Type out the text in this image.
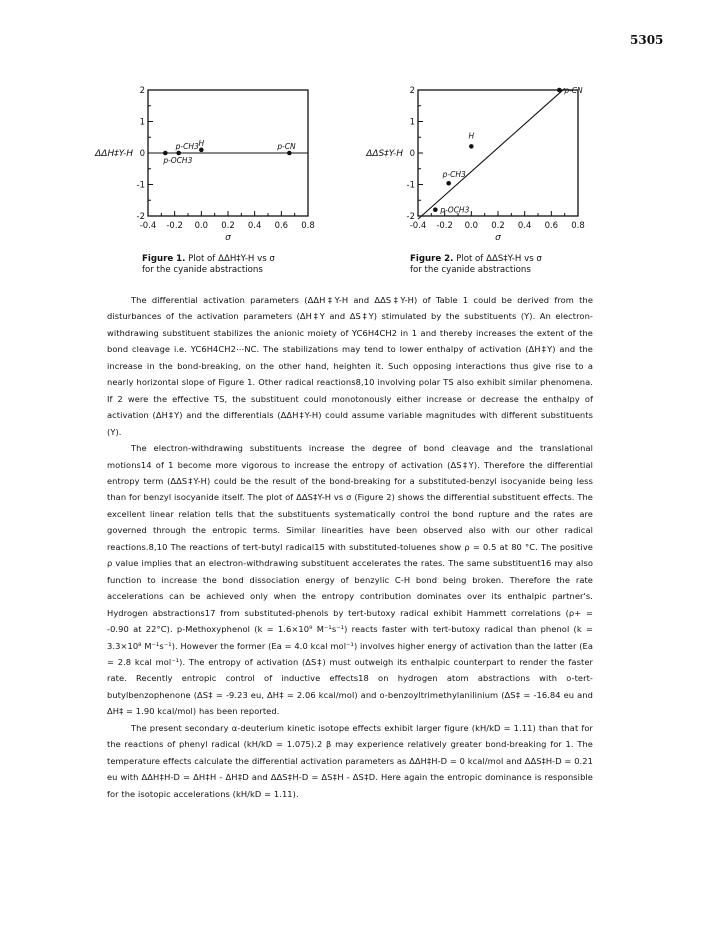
5305
-0.4 -0.2 0.0 0.2 0.4 0.6 0.8
2
1
0
-1
-2
σ
ΔΔH‡Y-H
p-OCH3
p-CH3 H	p-CN
Figure 1. Plot of ΔΔH‡Y-H vs σ
for the cyanide abstractions
-0.4 -0.2 0.0 0.2 0.4 0.6 0.8
2
1
0
-1
-2
σ
ΔΔS‡Y-H
p-OCH3
p-CH3
H
p-CN
Figure 2. Plot of ΔΔS‡Y-H vs σ
for the cyanide abstractions

The differential activation parameters (ΔΔH‡Y-H and ΔΔS‡Y-H) of Table 1 could be derived from the disturbances of the activation parameters (ΔH‡Y and ΔS‡Y) stimulated by the substituents (Y). An electron-withdrawing substituent stabilizes the anionic moiety of YC6H4CH2 in 1 and thereby increases the extent of the bond cleavage i.e. YC6H4CH2⋯NC. The stabilizations may tend to lower enthalpy of activation (ΔH‡Y) and the increase in the bond-breaking, on the other hand, heighten it. Such opposing interactions thus give rise to a nearly horizontal slope of Figure 1. Other radical reactions8,10 involving polar TS also exhibit similar phenomena. If 2 were the effective TS, the substituent could monotonously either increase or decrease the enthalpy of activation (ΔH‡Y) and the differentials (ΔΔH‡Y-H) could assume variable magnitudes with different substituents (Y).

The electron-withdrawing substituents increase the degree of bond cleavage and the translational motions14 of 1 become more vigorous to increase the entropy of activation (ΔS‡Y). Therefore the differential entropy term (ΔΔS‡Y-H) could be the result of the bond-breaking for a substituted-benzyl isocyanide being less than for benzyl isocyanide itself. The plot of ΔΔS‡Y-H vs σ (Figure 2) shows the differential substituent effects. The excellent linear relation tells that the substituents systematically control the bond rupture and the rates are governed through the entropic terms. Similar linearities have been observed also with our other radical reactions.8,10 The reactions of tert-butyl radical15 with substituted-toluenes show ρ = 0.5 at 80 °C. The positive ρ value implies that an electron-withdrawing substituent accelerates the rates. The same substituent16 may also function to increase the bond dissociation energy of benzylic C-H bond being broken. Therefore the rate accelerations can be achieved only when the entropy contribution dominates over its enthalpic partner's. Hydrogen abstractions17 from substituted-phenols by tert-butoxy radical exhibit Hammett correlations (ρ+ = -0.90 at 22°C). p-Methoxyphenol (k = 1.6×10⁹ M⁻¹s⁻¹) reacts faster with tert-butoxy radical than phenol (k = 3.3×10⁸ M⁻¹s⁻¹). However the former (Ea = 4.0 kcal mol⁻¹) involves higher energy of activation than the latter (Ea = 2.8 kcal mol⁻¹). The entropy of activation (ΔS‡) must outweigh its enthalpic counterpart to render the faster rate. Recently entropic control of inductive effects18 on hydrogen atom abstractions with o-tert-butylbenzophenone (ΔS‡ = -9.23 eu, ΔH‡ = 2.06 kcal/mol) and o-benzoyltrimethylanilinium (ΔS‡ = -16.84 eu and ΔH‡ = 1.90 kcal/mol) has been reported.

The present secondary α-deuterium kinetic isotope effects exhibit larger figure (kH/kD = 1.11) than that for the reactions of phenyl radical (kH/kD = 1.075).2 β may experience relatively greater bond-breaking for 1. The temperature effects calculate the differential activation parameters as ΔΔH‡H-D = 0 kcal/mol and ΔΔS‡H-D = 0.21 eu with ΔΔH‡H-D = ΔH‡H - ΔH‡D and ΔΔS‡H-D = ΔS‡H - ΔS‡D. Here again the entropic dominance is responsible for the isotopic accelerations (kH/kD = 1.11).
